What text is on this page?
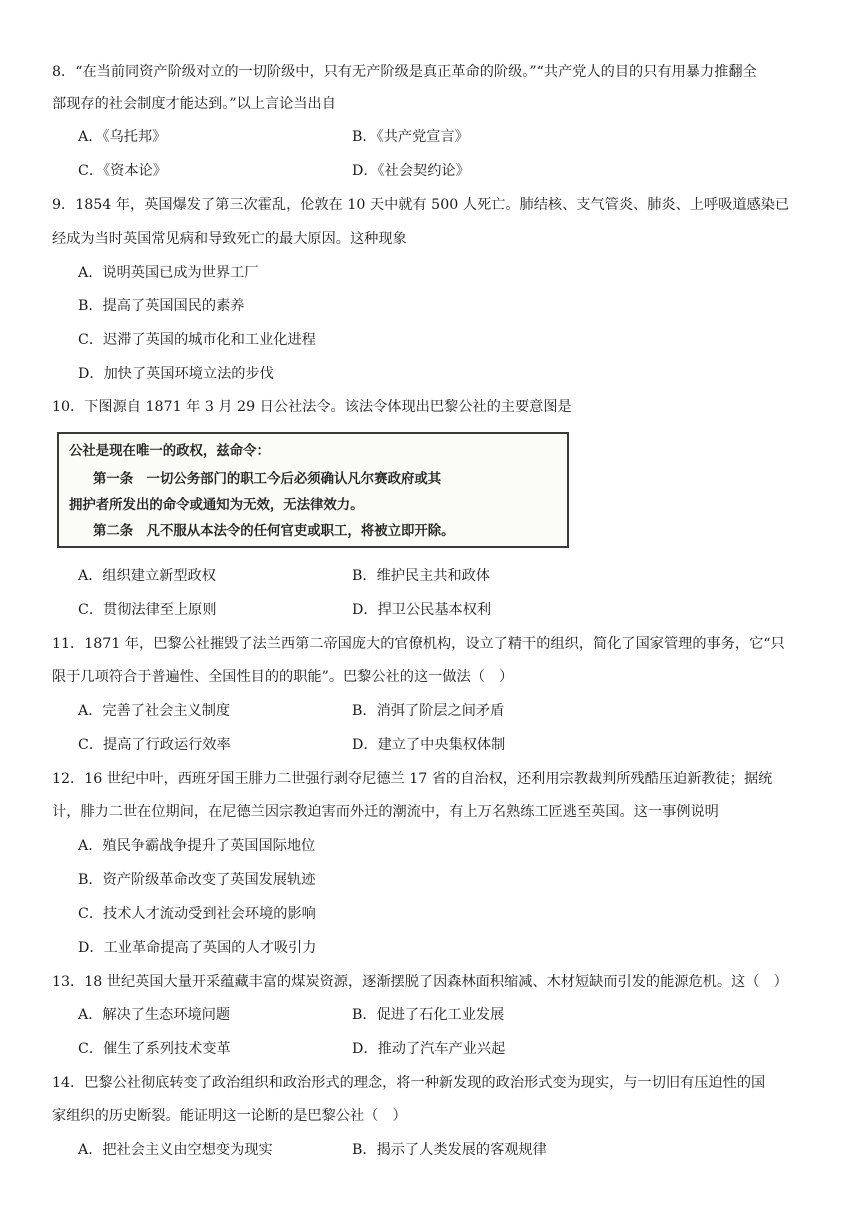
8．“在当前同资产阶级对立的一切阶级中，只有无产阶级是真正革命的阶级。”“共产党人的目的只有用暴力推翻全
部现存的社会制度才能达到。”以上言论当出自
A．《乌托邦》	B．《共产党宣言》
C．《资本论》	D．《社会契约论》
9．1854 年，英国爆发了第三次霍乱，伦敦在 10 天中就有 500 人死亡。肺结核、支气管炎、肺炎、上呼吸道感染已
经成为当时英国常见病和导致死亡的最大原因。这种现象
A．说明英国已成为世界工厂
B．提高了英国国民的素养
C．迟滞了英国的城市化和工业化进程
D．加快了英国环境立法的步伐
10．下图源自 1871 年 3 月 29 日公社法令。该法令体现出巴黎公社的主要意图是
公社是现在唯一的政权，兹命令：
第一条　一切公务部门的职工今后必须确认凡尔赛政府或其
拥护者所发出的命令或通知为无效，无法律效力。
第二条　凡不服从本法令的任何官吏或职工，将被立即开除。
A．组织建立新型政权	B．维护民主共和政体
C．贯彻法律至上原则	D．捍卫公民基本权利
11．1871 年，巴黎公社摧毁了法兰西第二帝国庞大的官僚机构，设立了精干的组织，简化了国家管理的事务，它“只
限于几项符合于普遍性、全国性目的的职能”。巴黎公社的这一做法（　）
A．完善了社会主义制度	B．消弭了阶层之间矛盾
C．提高了行政运行效率	D．建立了中央集权体制
12．16 世纪中叶，西班牙国王腓力二世强行剥夺尼德兰 17 省的自治权，还利用宗教裁判所残酷压迫新教徒；据统
计，腓力二世在位期间，在尼德兰因宗教迫害而外迁的潮流中，有上万名熟练工匠逃至英国。这一事例说明
A．殖民争霸战争提升了英国国际地位
B．资产阶级革命改变了英国发展轨迹
C．技术人才流动受到社会环境的影响
D．工业革命提高了英国的人才吸引力
13．18 世纪英国大量开采蕴藏丰富的煤炭资源，逐渐摆脱了因森林面积缩减、木材短缺而引发的能源危机。这（　）
A．解决了生态环境问题	B．促进了石化工业发展
C．催生了系列技术变革	D．推动了汽车产业兴起
14．巴黎公社彻底转变了政治组织和政治形式的理念，将一种新发现的政治形式变为现实，与一切旧有压迫性的国
家组织的历史断裂。能证明这一论断的是巴黎公社（　）
A．把社会主义由空想变为现实	B．揭示了人类发展的客观规律
